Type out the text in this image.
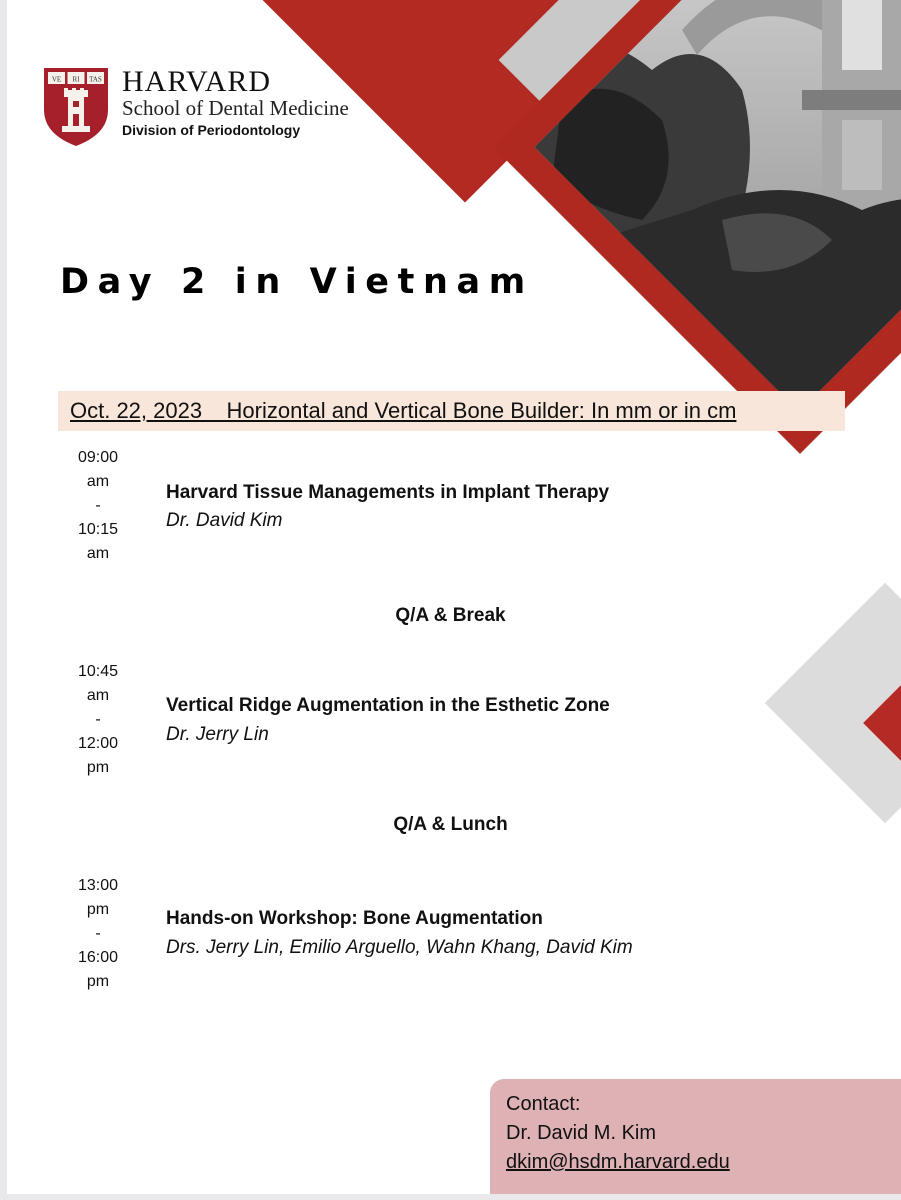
VE RI TAS HARVARD
School of Dental Medicine
Division of Periodontology
Day 2 in Vietnam
Oct. 22, 2023    Horizontal and Vertical Bone Builder: In mm or in cm
09:00
am
-
10:15
am
Harvard Tissue Managements in Implant Therapy
Dr. David Kim
Q/A & Break
10:45
am
-
12:00
pm
Vertical Ridge Augmentation in the Esthetic Zone
Dr. Jerry Lin
Q/A & Lunch
13:00
pm
-
16:00
pm
Hands-on Workshop: Bone Augmentation
Drs. Jerry Lin, Emilio Arguello, Wahn Khang, David Kim
Contact:
Dr. David M. Kim
dkim@hsdm.harvard.edu
